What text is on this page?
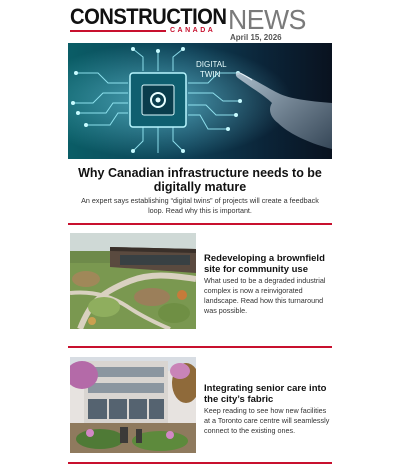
CONSTRUCTION
CANADA NEWS
April 15, 2026
DIGITAL
TWIN
Why Canadian infrastructure needs to be digitally mature
An expert says establishing “digital twins” of projects will create a feedback loop. Read why this is important.
Redeveloping a brownfield site for community use
What used to be a degraded industrial complex is now a reinvigorated landscape. Read how this turnaround was possible.
Integrating senior care into the city’s fabric
Keep reading to see how new facilities at a Toronto care centre will seamlessly connect to the existing ones.
